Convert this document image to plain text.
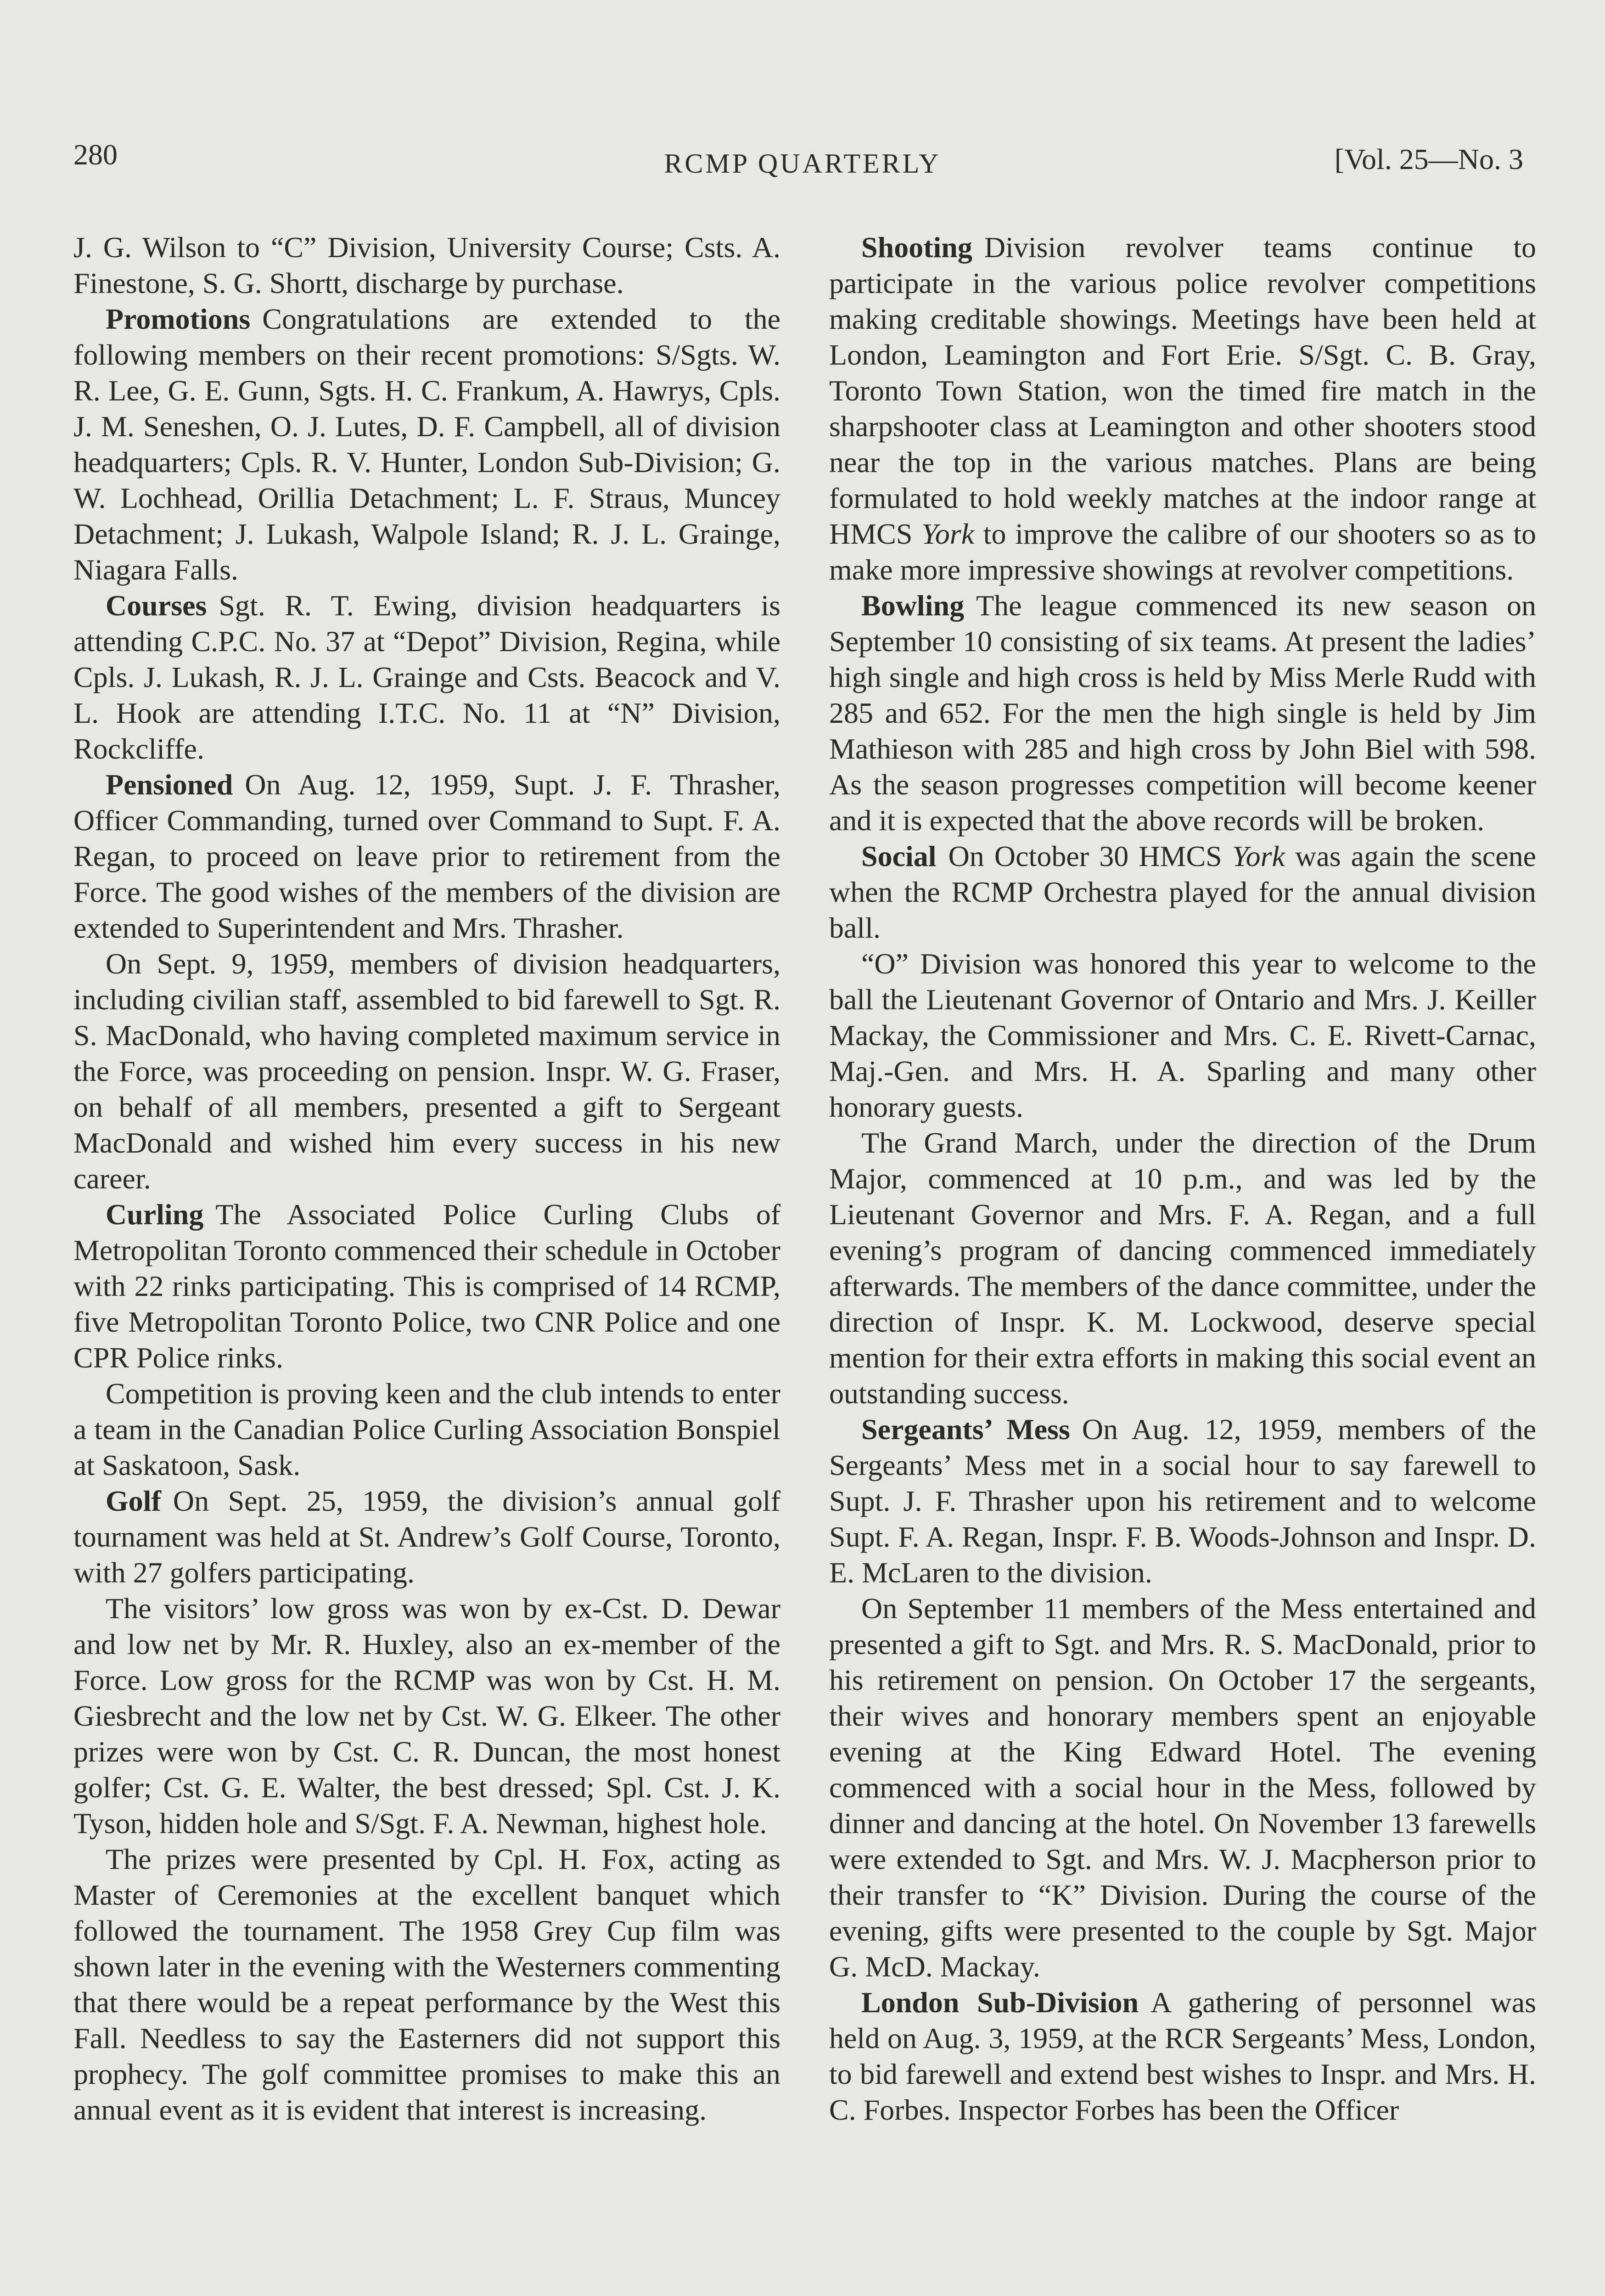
280	RCMP QUARTERLY	[Vol. 25—No. 3

J. G. Wilson to “C” Division, University Course; Csts. A. Finestone, S. G. Shortt, discharge by purchase.

Promotions Congratulations are extended to the following members on their recent promotions: S/Sgts. W. R. Lee, G. E. Gunn, Sgts. H. C. Frankum, A. Hawrys, Cpls. J. M. Seneshen, O. J. Lutes, D. F. Campbell, all of division headquarters; Cpls. R. V. Hunter, London Sub-Division; G. W. Lochhead, Orillia Detachment; L. F. Straus, Muncey Detachment; J. Lukash, Walpole Island; R. J. L. Grainge, Niagara Falls.

Courses Sgt. R. T. Ewing, division headquarters is attending C.P.C. No. 37 at “Depot” Division, Regina, while Cpls. J. Lukash, R. J. L. Grainge and Csts. Beacock and V. L. Hook are attending I.T.C. No. 11 at “N” Division, Rockcliffe.

Pensioned On Aug. 12, 1959, Supt. J. F. Thrasher, Officer Commanding, turned over Command to Supt. F. A. Regan, to proceed on leave prior to retirement from the Force. The good wishes of the members of the division are extended to Superintendent and Mrs. Thrasher.

On Sept. 9, 1959, members of division headquarters, including civilian staff, assembled to bid farewell to Sgt. R. S. MacDonald, who having completed maximum service in the Force, was proceeding on pension. Inspr. W. G. Fraser, on behalf of all members, presented a gift to Sergeant MacDonald and wished him every success in his new career.

Curling The Associated Police Curling Clubs of Metropolitan Toronto commenced their schedule in October with 22 rinks participating. This is comprised of 14 RCMP, five Metropolitan Toronto Police, two CNR Police and one CPR Police rinks.

Competition is proving keen and the club intends to enter a team in the Canadian Police Curling Association Bonspiel at Saskatoon, Sask.

Golf On Sept. 25, 1959, the division’s annual golf tournament was held at St. Andrew’s Golf Course, Toronto, with 27 golfers participating.

The visitors’ low gross was won by ex-Cst. D. Dewar and low net by Mr. R. Huxley, also an ex-member of the Force. Low gross for the RCMP was won by Cst. H. M. Giesbrecht and the low net by Cst. W. G. Elkeer. The other prizes were won by Cst. C. R. Duncan, the most honest golfer; Cst. G. E. Walter, the best dressed; Spl. Cst. J. K. Tyson, hidden hole and S/Sgt. F. A. Newman, highest hole.

The prizes were presented by Cpl. H. Fox, acting as Master of Ceremonies at the excellent banquet which followed the tournament. The 1958 Grey Cup film was shown later in the evening with the Westerners commenting that there would be a repeat performance by the West this Fall. Needless to say the Easterners did not support this prophecy. The golf committee promises to make this an annual event as it is evident that interest is increasing.

Shooting Division revolver teams continue to participate in the various police revolver competitions making creditable showings. Meetings have been held at London, Leamington and Fort Erie. S/Sgt. C. B. Gray, Toronto Town Station, won the timed fire match in the sharpshooter class at Leamington and other shooters stood near the top in the various matches. Plans are being formulated to hold weekly matches at the indoor range at HMCS York to improve the calibre of our shooters so as to make more impressive showings at revolver competitions.

Bowling The league commenced its new season on September 10 consisting of six teams. At present the ladies’ high single and high cross is held by Miss Merle Rudd with 285 and 652. For the men the high single is held by Jim Mathieson with 285 and high cross by John Biel with 598. As the season progresses competition will become keener and it is expected that the above records will be broken.

Social On October 30 HMCS York was again the scene when the RCMP Orchestra played for the annual division ball.

“O” Division was honored this year to welcome to the ball the Lieutenant Governor of Ontario and Mrs. J. Keiller Mackay, the Commissioner and Mrs. C. E. Rivett-Carnac, Maj.-Gen. and Mrs. H. A. Sparling and many other honorary guests.

The Grand March, under the direction of the Drum Major, commenced at 10 p.m., and was led by the Lieutenant Governor and Mrs. F. A. Regan, and a full evening’s program of dancing commenced immediately afterwards. The members of the dance committee, under the direction of Inspr. K. M. Lockwood, deserve special mention for their extra efforts in making this social event an outstanding success.

Sergeants’ Mess On Aug. 12, 1959, members of the Sergeants’ Mess met in a social hour to say farewell to Supt. J. F. Thrasher upon his retirement and to welcome Supt. F. A. Regan, Inspr. F. B. Woods-Johnson and Inspr. D. E. McLaren to the division.

On September 11 members of the Mess entertained and presented a gift to Sgt. and Mrs. R. S. MacDonald, prior to his retirement on pension. On October 17 the sergeants, their wives and honorary members spent an enjoyable evening at the King Edward Hotel. The evening commenced with a social hour in the Mess, followed by dinner and dancing at the hotel. On November 13 farewells were extended to Sgt. and Mrs. W. J. Macpherson prior to their transfer to “K” Division. During the course of the evening, gifts were presented to the couple by Sgt. Major G. McD. Mackay.

London Sub-Division A gathering of personnel was held on Aug. 3, 1959, at the RCR Sergeants’ Mess, London, to bid farewell and extend best wishes to Inspr. and Mrs. H. C. Forbes. Inspector Forbes has been the Officer
